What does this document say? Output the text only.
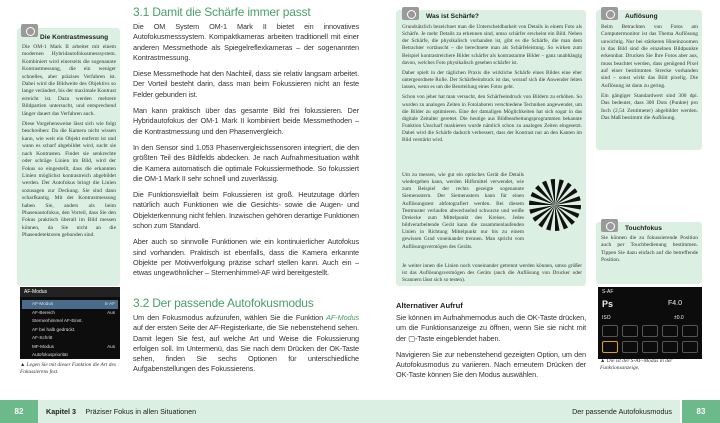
Die Kontrastmessung

Die OM-1 Mark II arbeitet mit einem modernen Hybridautofokusmesssystem. Kombiniert wird einerseits die sogenannte Kontrastmessung, die ein weniger schnelles, aber präzises Verfahren ist. Dabei wird die Bildweite des Objektivs so lange verändert, bis der maximale Kontrast erreicht ist. Dazu werden mehrere Bildpartien untersucht, und entsprechend länger dauert das Verfahren auch.

Diese Vorgehensweise lässt sich wie folgt beschreiben: Da die Kamera nicht wissen kann, wie weit ein Objekt entfernt ist und wann es scharf abgebildet wird, sucht sie nach Kontrasten. Findet sie senkrechte oder schräge Linien im Bild, wird der Fokus so eingestellt, dass die erkannten Linien möglichst kontrastreich abgebildet werden. Der Autofokus bringt die Linien sozusagen zur Deckung. Sie sind dann scharfkantig. Mit der Kontrastmessung haben Sie, anders als beim Phasenautofokus, den Vorteil, dass Sie den Fokus praktisch überall im Bild messen können, da Sie nicht an die Phasendetektoren gebunden sind.

AF-Modus
AF-Modus	S-AF
AF-Bereich	Aus
Sternenhimmel AF-Einst.
AF bei halb gedrückt.
AF-Schritt
MF-Modus	Aus
Autofokuspriorität
▲ Legen Sie mit dieser Funktion die Art des Fokussierens fest.
3.1 Damit die Schärfe immer passt

Die OM System OM-1 Mark II bietet ein innovatives Autofokusmesssystem. Kompaktkameras arbeiten traditionell mit einer anderen Messmethode als Spiegelreflexkameras – der sogenannten Kontrastmessung.

Diese Messmethode hat den Nachteil, dass sie relativ langsam arbeitet. Der Vorteil besteht darin, dass man beim Fokussieren nicht an feste Felder gebunden ist.

Man kann praktisch über das gesamte Bild frei fokussieren. Der Hybridautofokus der OM-1 Mark II kombiniert beide Messmethoden – die Kontrastmessung und den Phasenvergleich.

In den Sensor sind 1.053 Phasenvergleichssensoren integriert, die den größten Teil des Bildfelds abdecken. Je nach Aufnahmesituation wählt die Kamera automatisch die optimale Fokussiermethode. So fokussiert die OM-1 Mark II sehr schnell und zuverlässig.

Die Funktionsvielfalt beim Fokussieren ist groß. Heutzutage dürfen natürlich auch Funktionen wie die Gesichts- sowie die Augen- und Objekterkennung nicht fehlen. Inzwischen gehören derartige Funktionen schon zum Standard.

Aber auch so sinnvolle Funktionen wie ein kontinuierlicher Autofokus sind vorhanden. Praktisch ist ebenfalls, dass die Kamera erkannte Objekte per Motivverfolgung präzise scharf stellen kann. Auch ein – etwas ungewöhnlicher – Sternenhimmel-AF wird bereitgestellt.

3.2 Der passende Autofokusmodus

Um den Fokusmodus aufzurufen, wählen Sie die Funktion AF-Modus auf der ersten Seite der AF-Registerkarte, die Sie nebenstehend sehen. Damit legen Sie fest, auf welche Art und Weise die Fokussierung erfolgen soll. Im Untermenü, das Sie nach dem Drücken der OK-Taste sehen, finden Sie sechs Optionen für unterschiedliche Aufgabenstellungen des Fokussierens.

82	Kapitel 3 Präziser Fokus in allen Situationen
Was ist Schärfe?

Grundsätzlich bezeichnet man die Unterscheidbarkeit von Details in einem Foto als Schärfe. Je mehr Details zu erkennen sind, umso schärfer erscheint ein Bild. Neben der Schärfe, die physikalisch vorhanden ist, gibt es die Schärfe, die man dem Betrachter vortäuscht – die berechnete man als Schärfeleistung. So wirken zum Beispiel kontrastreichere Bilder schärfer als kontrastarme Bilder – ganz unabhängig davon, welches Foto physikalisch gesehen schärfer ist.

Daher spielt in der täglichen Praxis die wirkliche Schärfe eines Bildes eine eher untergeordnete Rolle. Der Schärfeeindruck ist das, worauf sich die Anwender leiten lassen, wenn es um die Beurteilung eines Fotos geht.

Schon von jeher hat man versucht, den Schärfeeindruck von Bildern zu erhöhen. So wurden zu analogen Zeiten in Fotolaboren verschiedene Techniken angewendet, um die Bilder zu optimieren. Eine der damaligen Möglichkeiten hat sich sogar in das digitale Zeitalter gerettet. Die heutige aus Bildbearbeitungsprogrammen bekannte Funktion Unscharf maskieren wurde nämlich schon zu analogen Zeiten eingesetzt. Dabei wird die Schärfe dadurch verbessert, dass der Kontrast nur an den Kanten im Bild verstärkt wird.

Um zu messen, wie gut ein optisches Gerät die Details wiedergeben kann, werden Hilfsmittel verwendet, wie zum Beispiel der rechts gezeigte sogenannte Siemensstern. Der Siemensstern kann für einen Auflösungstest abfotografiert werden. Bei diesem Testmuster verlaufen abwechselnd schwarze und weiße Dreiecke zum Mittelpunkt des Kreises. Jedes bildverarbeitende Gerät kann die zusammenlaufenden Linien in Richtung Mittelpunkt nur bis zu einem gewissen Grad voneinander trennen. Man spricht vom Auflösungsvermögen des Geräts.

Je weiter innen die Linien noch voneinander getrennt werden können, umso größer ist das Auflösungsvermögen des Geräts (auch die Auflösung von Drucker oder Scannern lässt sich so testen).

Alternativer Aufruf

Sie können im Aufnahmemodus auch die OK-Taste drücken, um die Funktionsanzeige zu öffnen, wenn Sie sie nicht mit der ▢-Taste eingeblendet haben.

Navigieren Sie zur nebenstehend gezeigten Option, um den Autofokusmodus zu variieren. Nach erneutem Drücken der OK-Taste können Sie den Modus auswählen.

Auflösung

Beim Betrachten von Fotos am Computermonitor ist das Thema Auflösung unwichtig. Nur bei stärkeren Hineinzoomen in das Bild sind die einzelnen Bildpunkte erkennbar. Drucken Sie Ihre Fotos aber aus, muss beachtet werden, dass genügend Pixel auf einer bestimmten Strecke vorhanden sind – sonst wirkt das Bild pixelig. Die Auflösung ist dann zu gering.

Ein gängiger Standardwert sind 300 dpi. Das bedeutet, dass 300 Dots (Punkte) pro Inch (2,54 Zentimeter) abgebildet werden. Das Maß bestimmt die Auflösung.

Touchfokus
Sie können die zu fokussierende Position auch per Touchbedienung bestimmen. Tippen Sie dazu einfach auf die betreffende Position.
S-AF
Ps	F4.0
ISO	±0.0
▲ Die ist der S-AF-Modus in der Funktionsanzeige.
Der passende Autofokusmodus	83
